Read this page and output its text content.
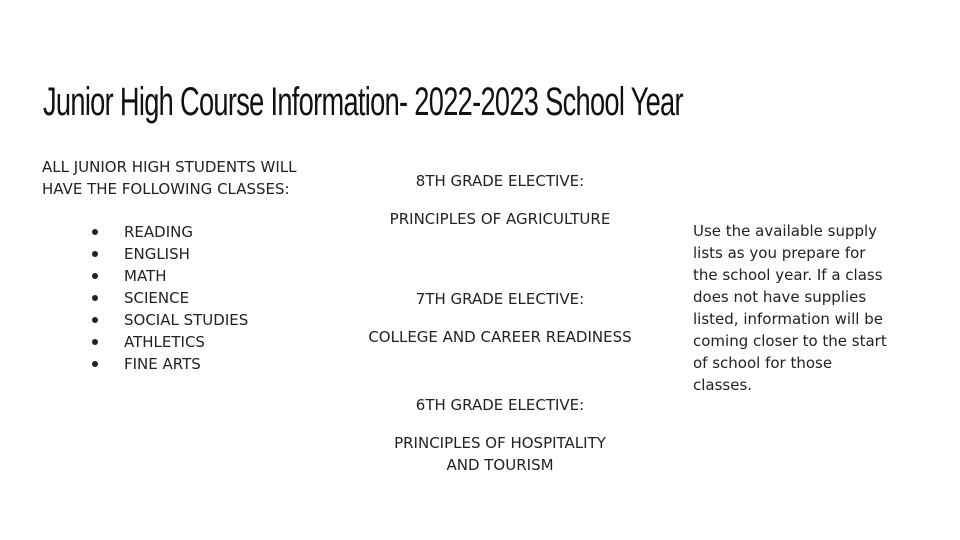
Junior High Course Information- 2022-2023 School Year
ALL JUNIOR HIGH STUDENTS WILL HAVE THE FOLLOWING CLASSES:
READING
ENGLISH
MATH
SCIENCE
SOCIAL STUDIES
ATHLETICS
FINE ARTS
8TH GRADE ELECTIVE:
PRINCIPLES OF AGRICULTURE
7TH GRADE ELECTIVE:
COLLEGE AND CAREER READINESS
6TH GRADE ELECTIVE:
PRINCIPLES OF HOSPITALITY AND TOURISM
Use the available supply lists as you prepare for the school year. If a class does not have supplies listed, information will be coming closer to the start of school for those classes.
